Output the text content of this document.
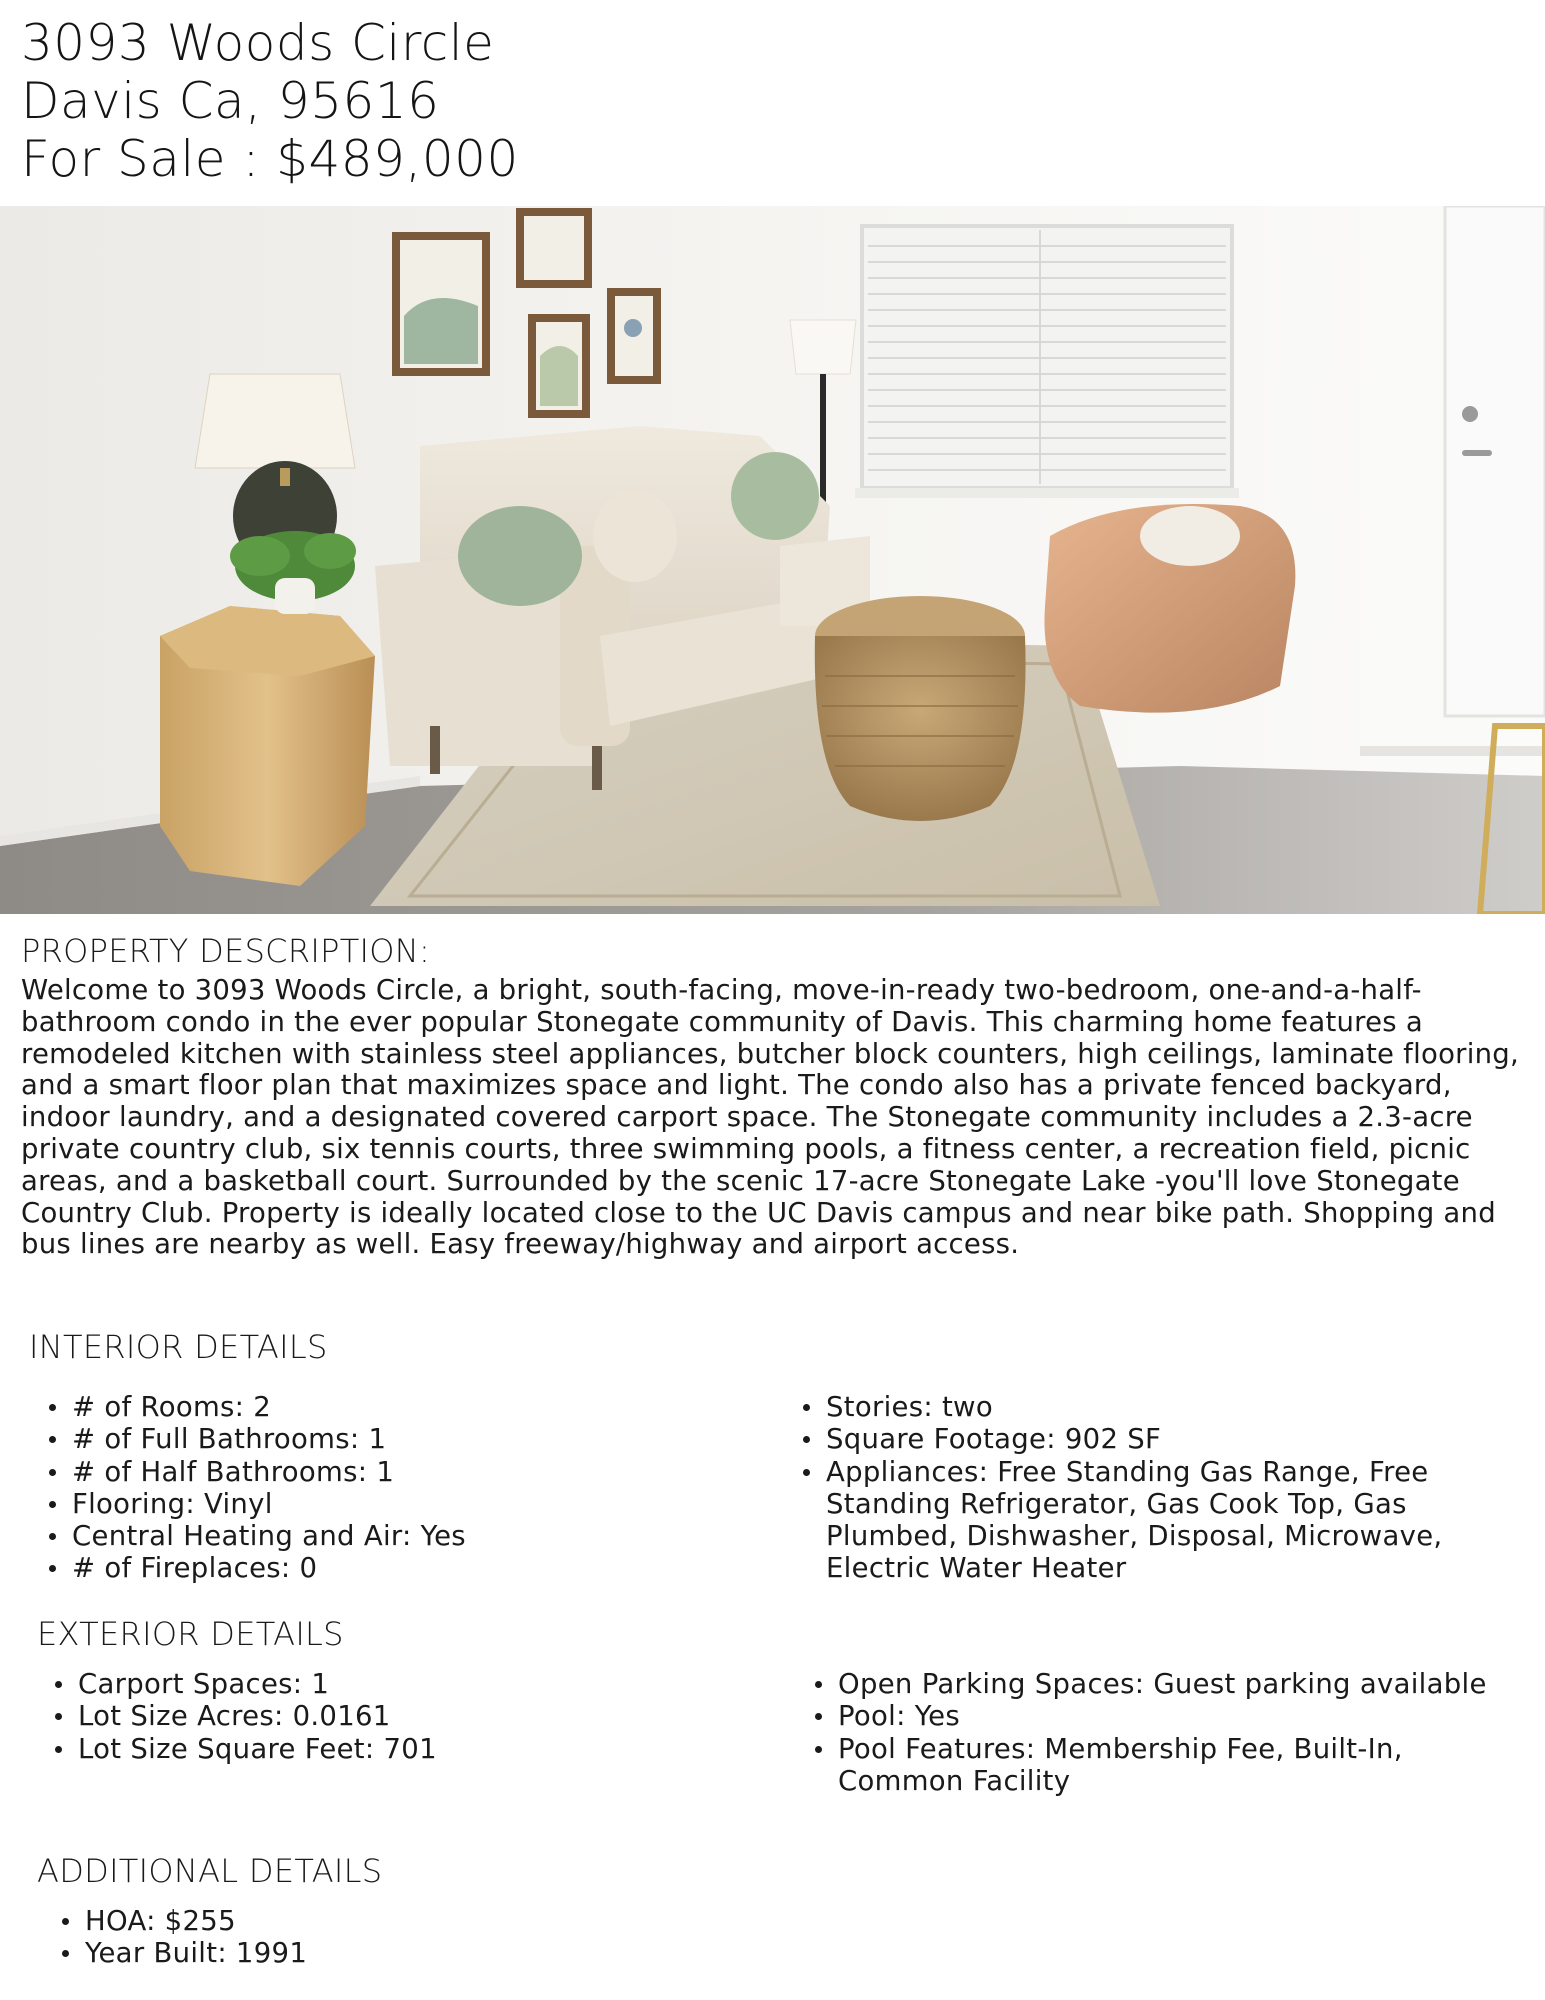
3093 Woods Circle
Davis Ca, 95616
For Sale : $489,000
PROPERTY DESCRIPTION:
Welcome to 3093 Woods Circle, a bright, south-facing, move-in-ready two-bedroom, one-and-a-half-bathroom condo in the ever popular Stonegate community of Davis. This charming home features a remodeled kitchen with stainless steel appliances, butcher block counters, high ceilings, laminate flooring, and a smart floor plan that maximizes space and light. The condo also has a private fenced backyard, indoor laundry, and a designated covered carport space. The Stonegate community includes a 2.3-acre private country club, six tennis courts, three swimming pools, a fitness center, a recreation field, picnic areas, and a basketball court. Surrounded by the scenic 17-acre Stonegate Lake -you'll love Stonegate Country Club. Property is ideally located close to the UC Davis campus and near bike path. Shopping and bus lines are nearby as well. Easy freeway/highway and airport access.
INTERIOR DETAILS
# of Rooms: 2
# of Full Bathrooms: 1
# of Half Bathrooms: 1
Flooring: Vinyl
Central Heating and Air: Yes
# of Fireplaces: 0
Stories: two
Square Footage: 902 SF
Appliances: Free Standing Gas Range, Free Standing Refrigerator, Gas Cook Top, Gas Plumbed, Dishwasher, Disposal, Microwave, Electric Water Heater
EXTERIOR DETAILS
Carport Spaces: 1
Lot Size Acres: 0.0161
Lot Size Square Feet: 701
Open Parking Spaces: Guest parking available
Pool: Yes
Pool Features: Membership Fee, Built-In, Common Facility
ADDITIONAL DETAILS
HOA: $255
Year Built: 1991
